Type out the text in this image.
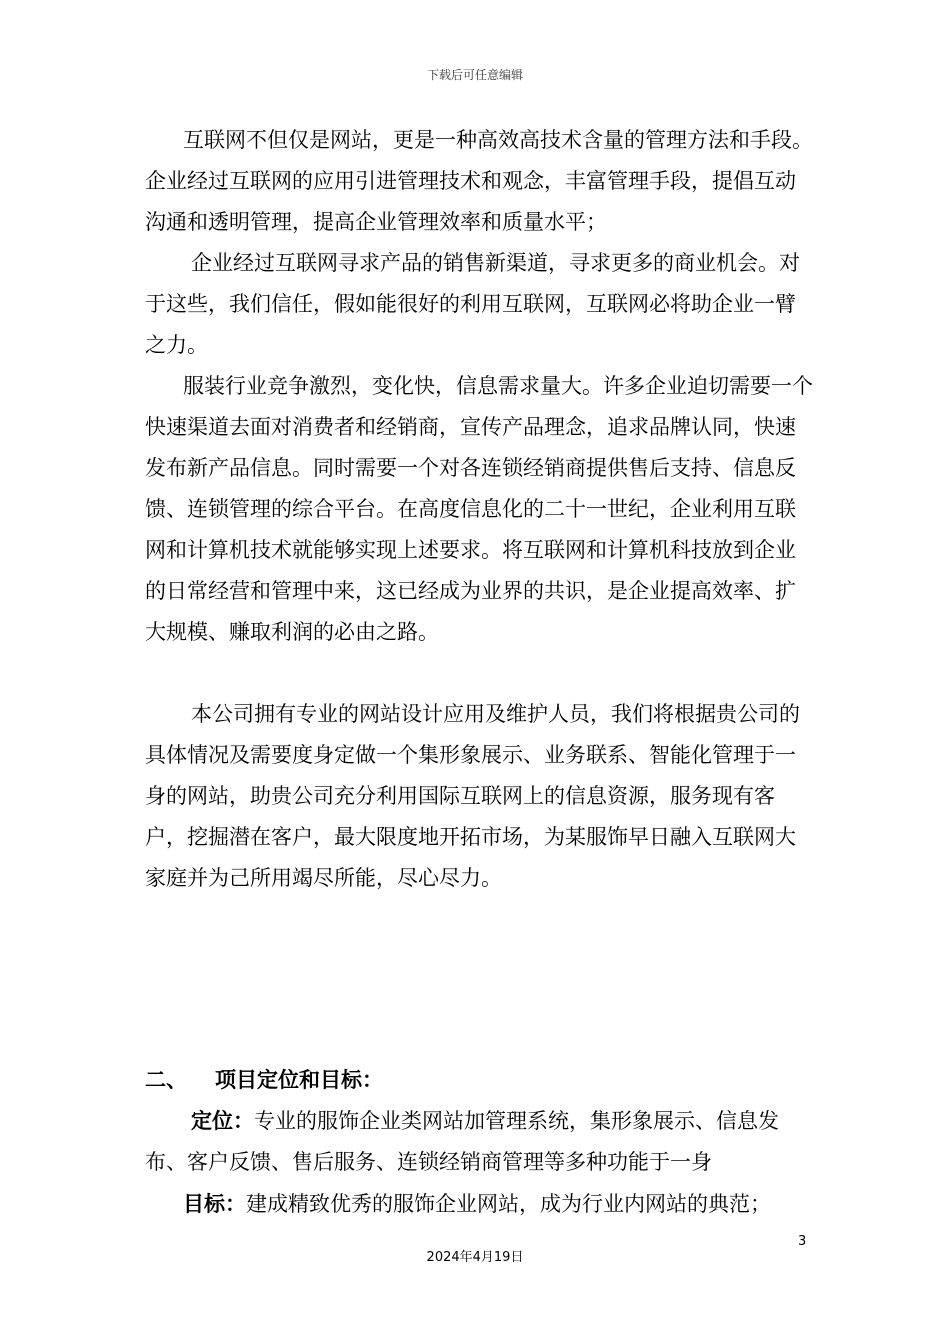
下载后可任意编辑

互联网不但仅是网站，更是一种高效高技术含量的管理方法和手段。企业经过互联网的应用引进管理技术和观念，丰富管理手段，提倡互动沟通和透明管理，提高企业管理效率和质量水平；

企业经过互联网寻求产品的销售新渠道，寻求更多的商业机会。对于这些，我们信任，假如能很好的利用互联网，互联网必将助企业一臂之力。

服装行业竞争激烈，变化快，信息需求量大。许多企业迫切需要一个快速渠道去面对消费者和经销商，宣传产品理念，追求品牌认同，快速发布新产品信息。同时需要一个对各连锁经销商提供售后支持、信息反馈、连锁管理的综合平台。在高度信息化的二十一世纪，企业利用互联网和计算机技术就能够实现上述要求。将互联网和计算机科技放到企业的日常经营和管理中来，这已经成为业界的共识，是企业提高效率、扩大规模、赚取利润的必由之路。

本公司拥有专业的网站设计应用及维护人员，我们将根据贵公司的具体情况及需要度身定做一个集形象展示、业务联系、智能化管理于一身的网站，助贵公司充分利用国际互联网上的信息资源，服务现有客户，挖掘潜在客户，最大限度地开拓市场，为某服饰早日融入互联网大家庭并为己所用竭尽所能，尽心尽力。

二、 项目定位和目标：

定位：专业的服饰企业类网站加管理系统，集形象展示、信息发布、客户反馈、售后服务、连锁经销商管理等多种功能于一身

目标：建成精致优秀的服饰企业网站，成为行业内网站的典范；

3
2024年4月19日
